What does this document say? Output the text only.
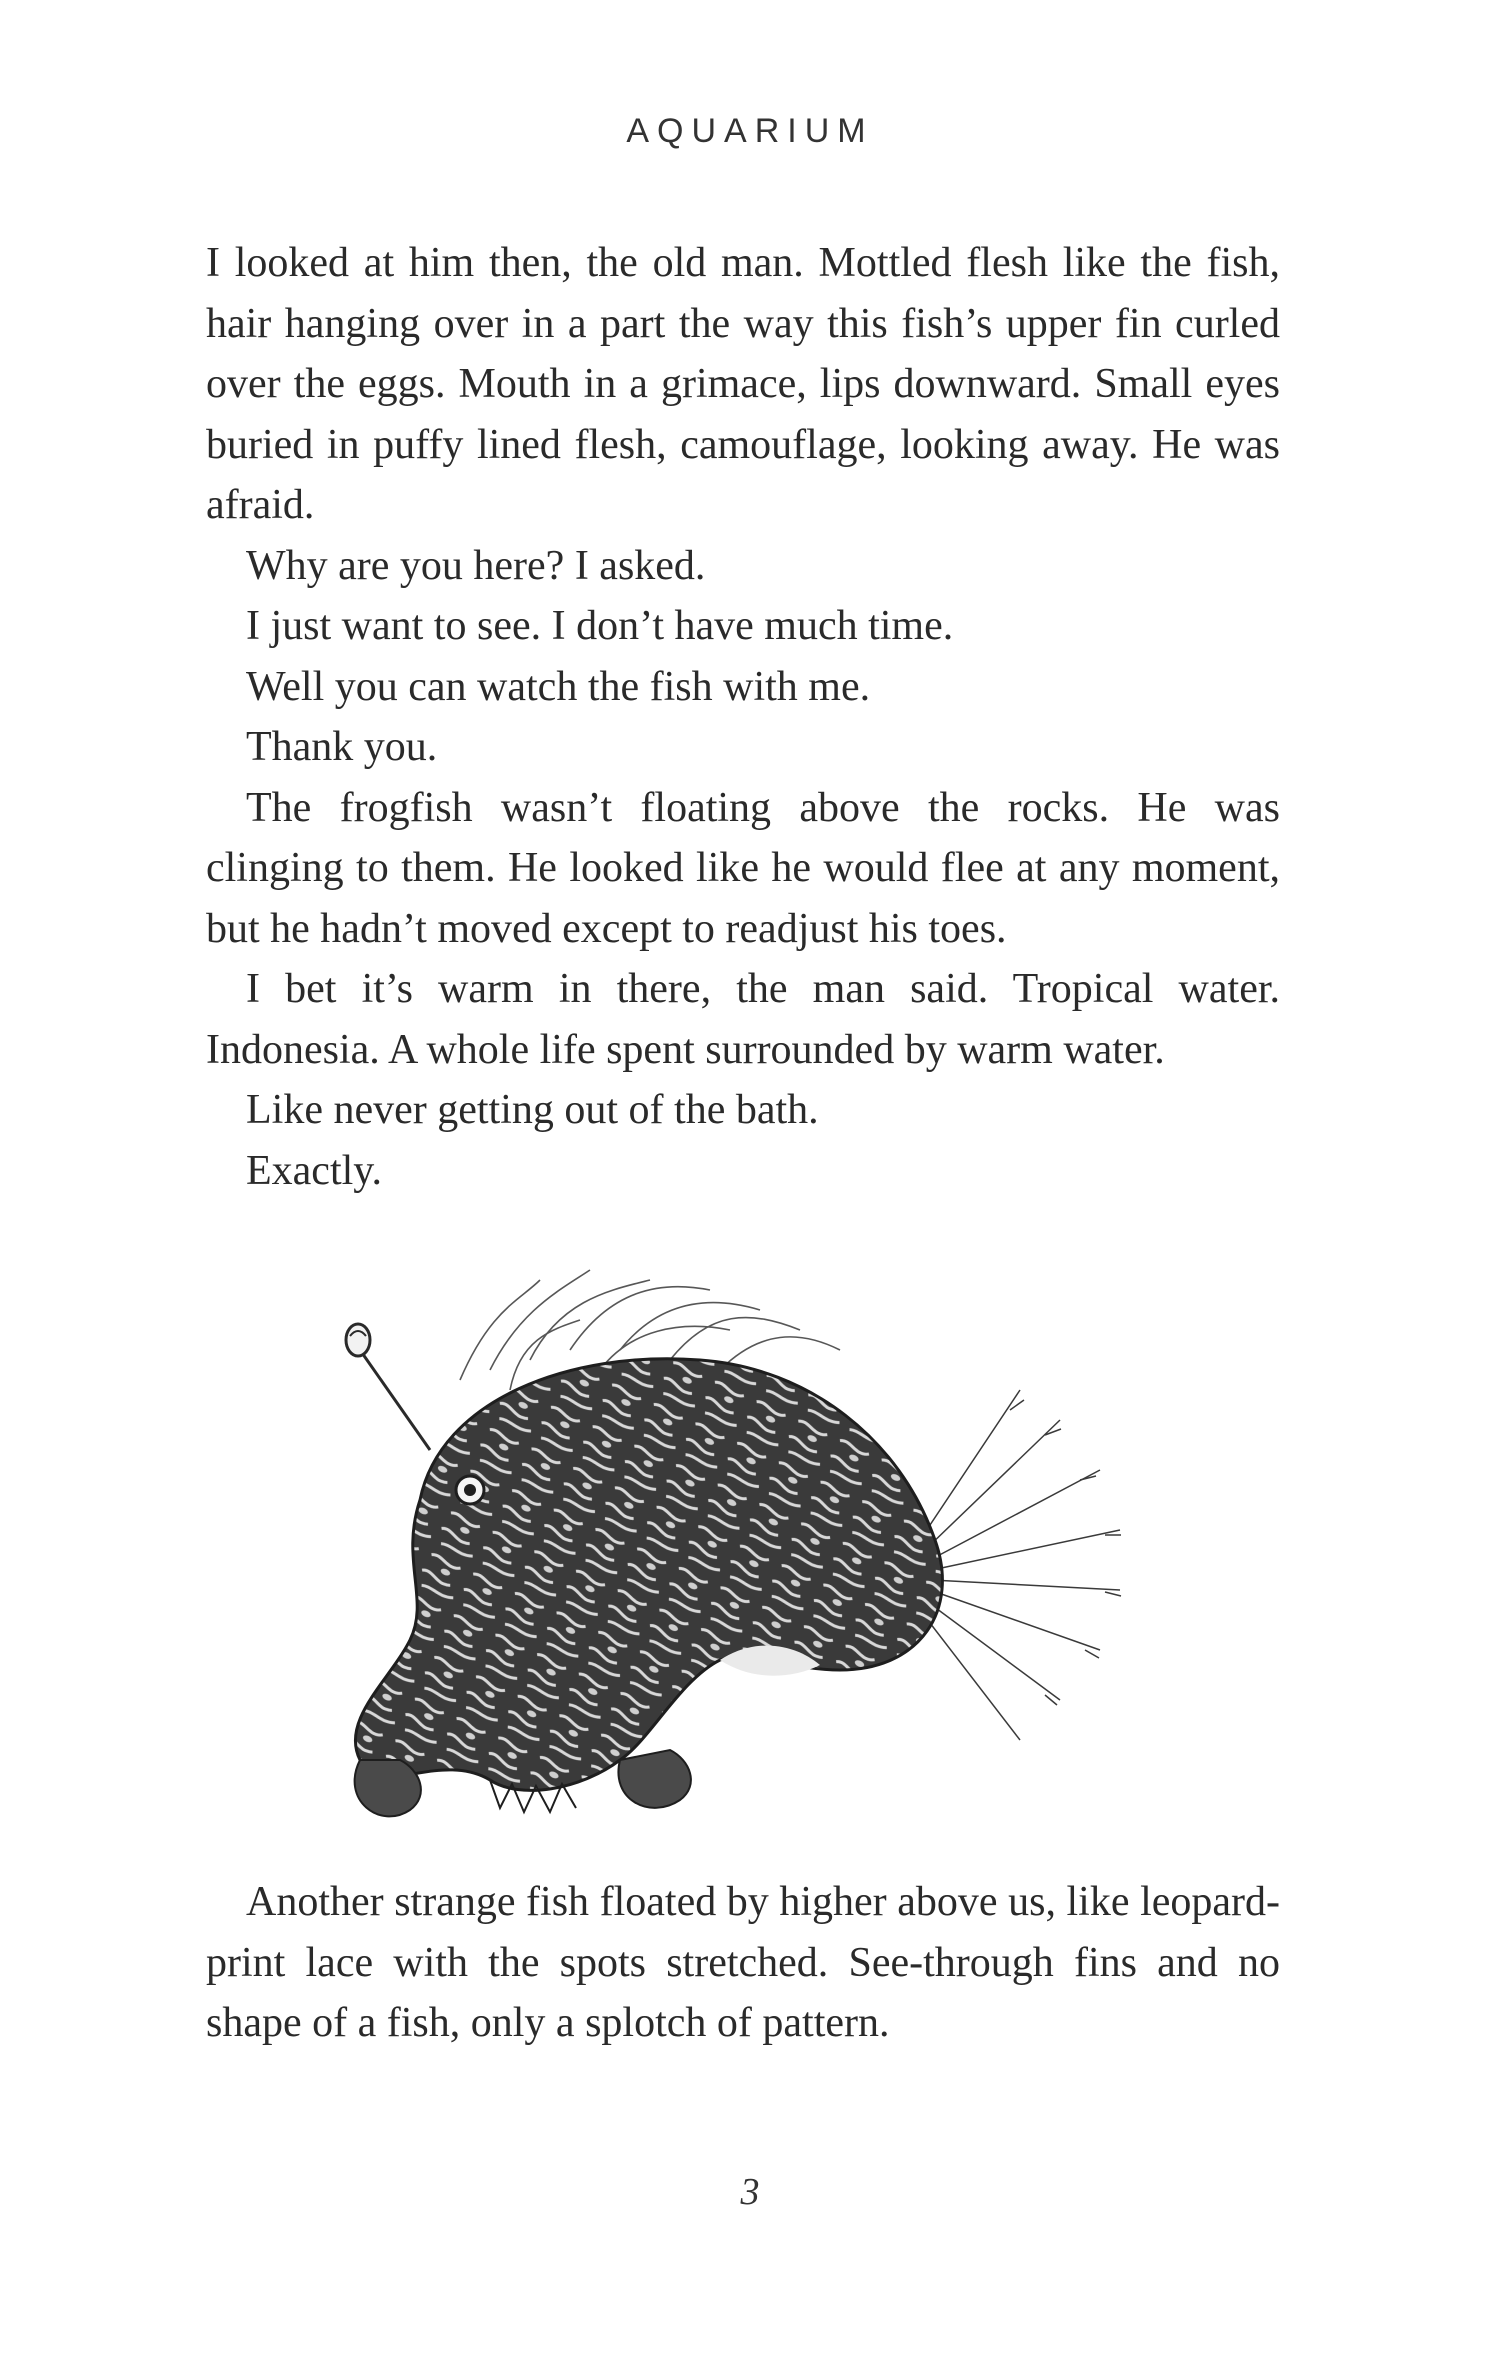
AQUARIUM

I looked at him then, the old man. Mottled flesh like the fish, hair hanging over in a part the way this fish’s upper fin curled over the eggs. Mouth in a grimace, lips downward. Small eyes buried in puffy lined flesh, camouflage, looking away. He was afraid.

Why are you here? I asked.

I just want to see. I don’t have much time.

Well you can watch the fish with me.

Thank you.

The frogfish wasn’t floating above the rocks. He was clinging to them. He looked like he would flee at any moment, but he hadn’t moved except to readjust his toes.

I bet it’s warm in there, the man said. Tropical water. Indonesia. A whole life spent surrounded by warm water.

Like never getting out of the bath.

Exactly.

Another strange fish floated by higher above us, like leopard-print lace with the spots stretched. See-through fins and no shape of a fish, only a splotch of pattern.

3
